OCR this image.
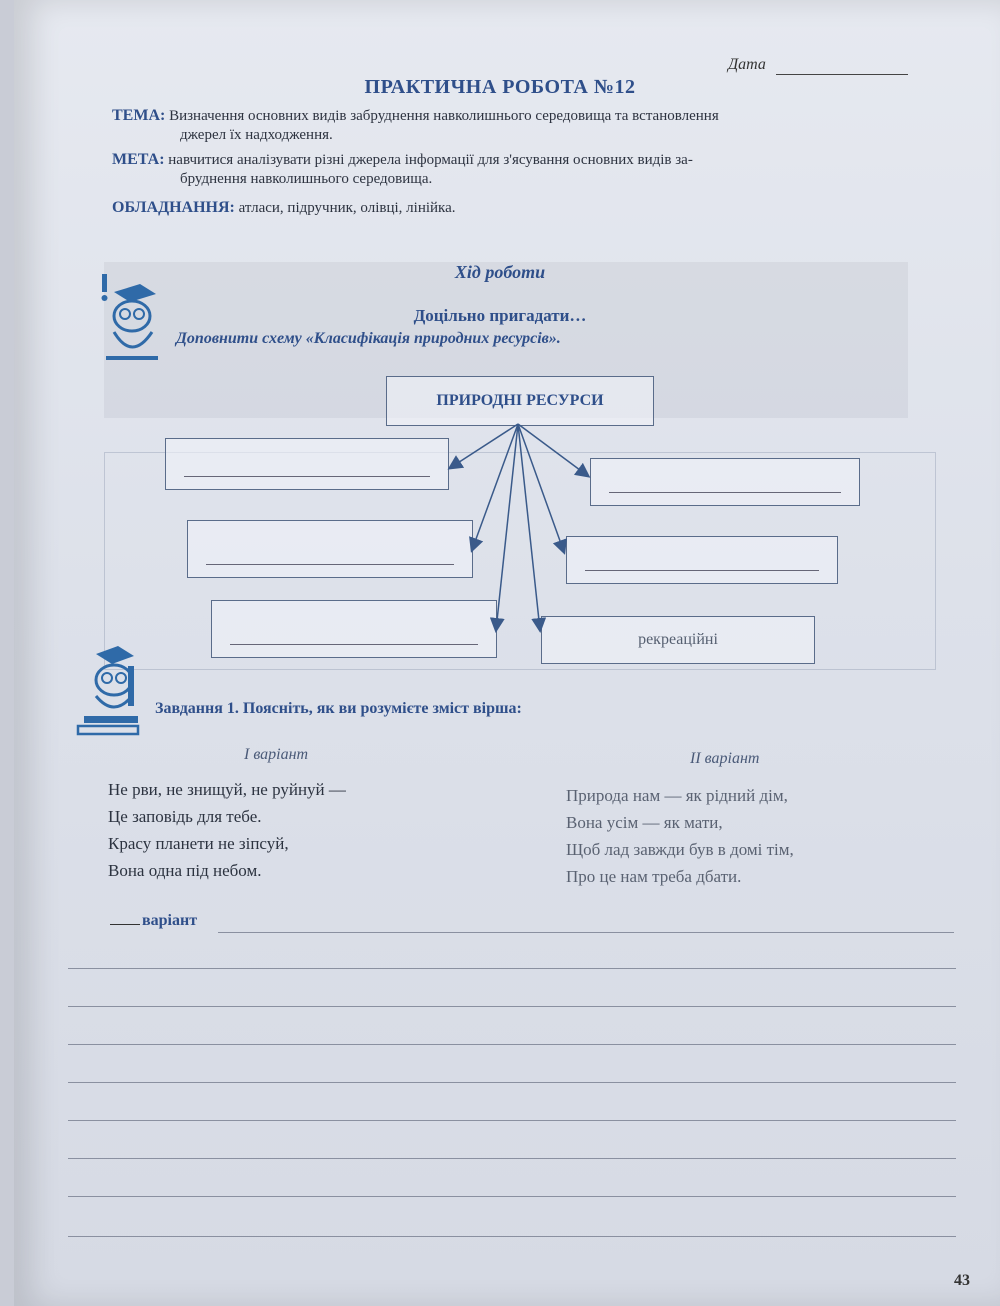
Дата
ПРАКТИЧНА РОБОТА №12
ТЕМА: Визначення основних видів забруднення навколишнього середовища та встановлення
джерел їх надходження.
МЕТА: навчитися аналізувати різні джерела інформації для з'ясування основних видів за-
бруднення навколишнього середовища.
ОБЛАДНАННЯ: атласи, підручник, олівці, лінійка.
Хід роботи
Доцільно пригадати…
Доповнити схему «Класифікація природних ресурсів».
ПРИРОДНІ РЕСУРСИ
рекреаційні
Завдання 1. Поясніть, як ви розумієте зміст вірша:
I варіант	II варіант
Не рви, не знищуй, не руйнуй —
Це заповідь для тебе.
Красу планети не зіпсуй,
Вона одна під небом.
Природа нам — як рідний дім,
Вона усім — як мати,
Щоб лад завжди був в домі тім,
Про це нам треба дбати.
варіант
43
